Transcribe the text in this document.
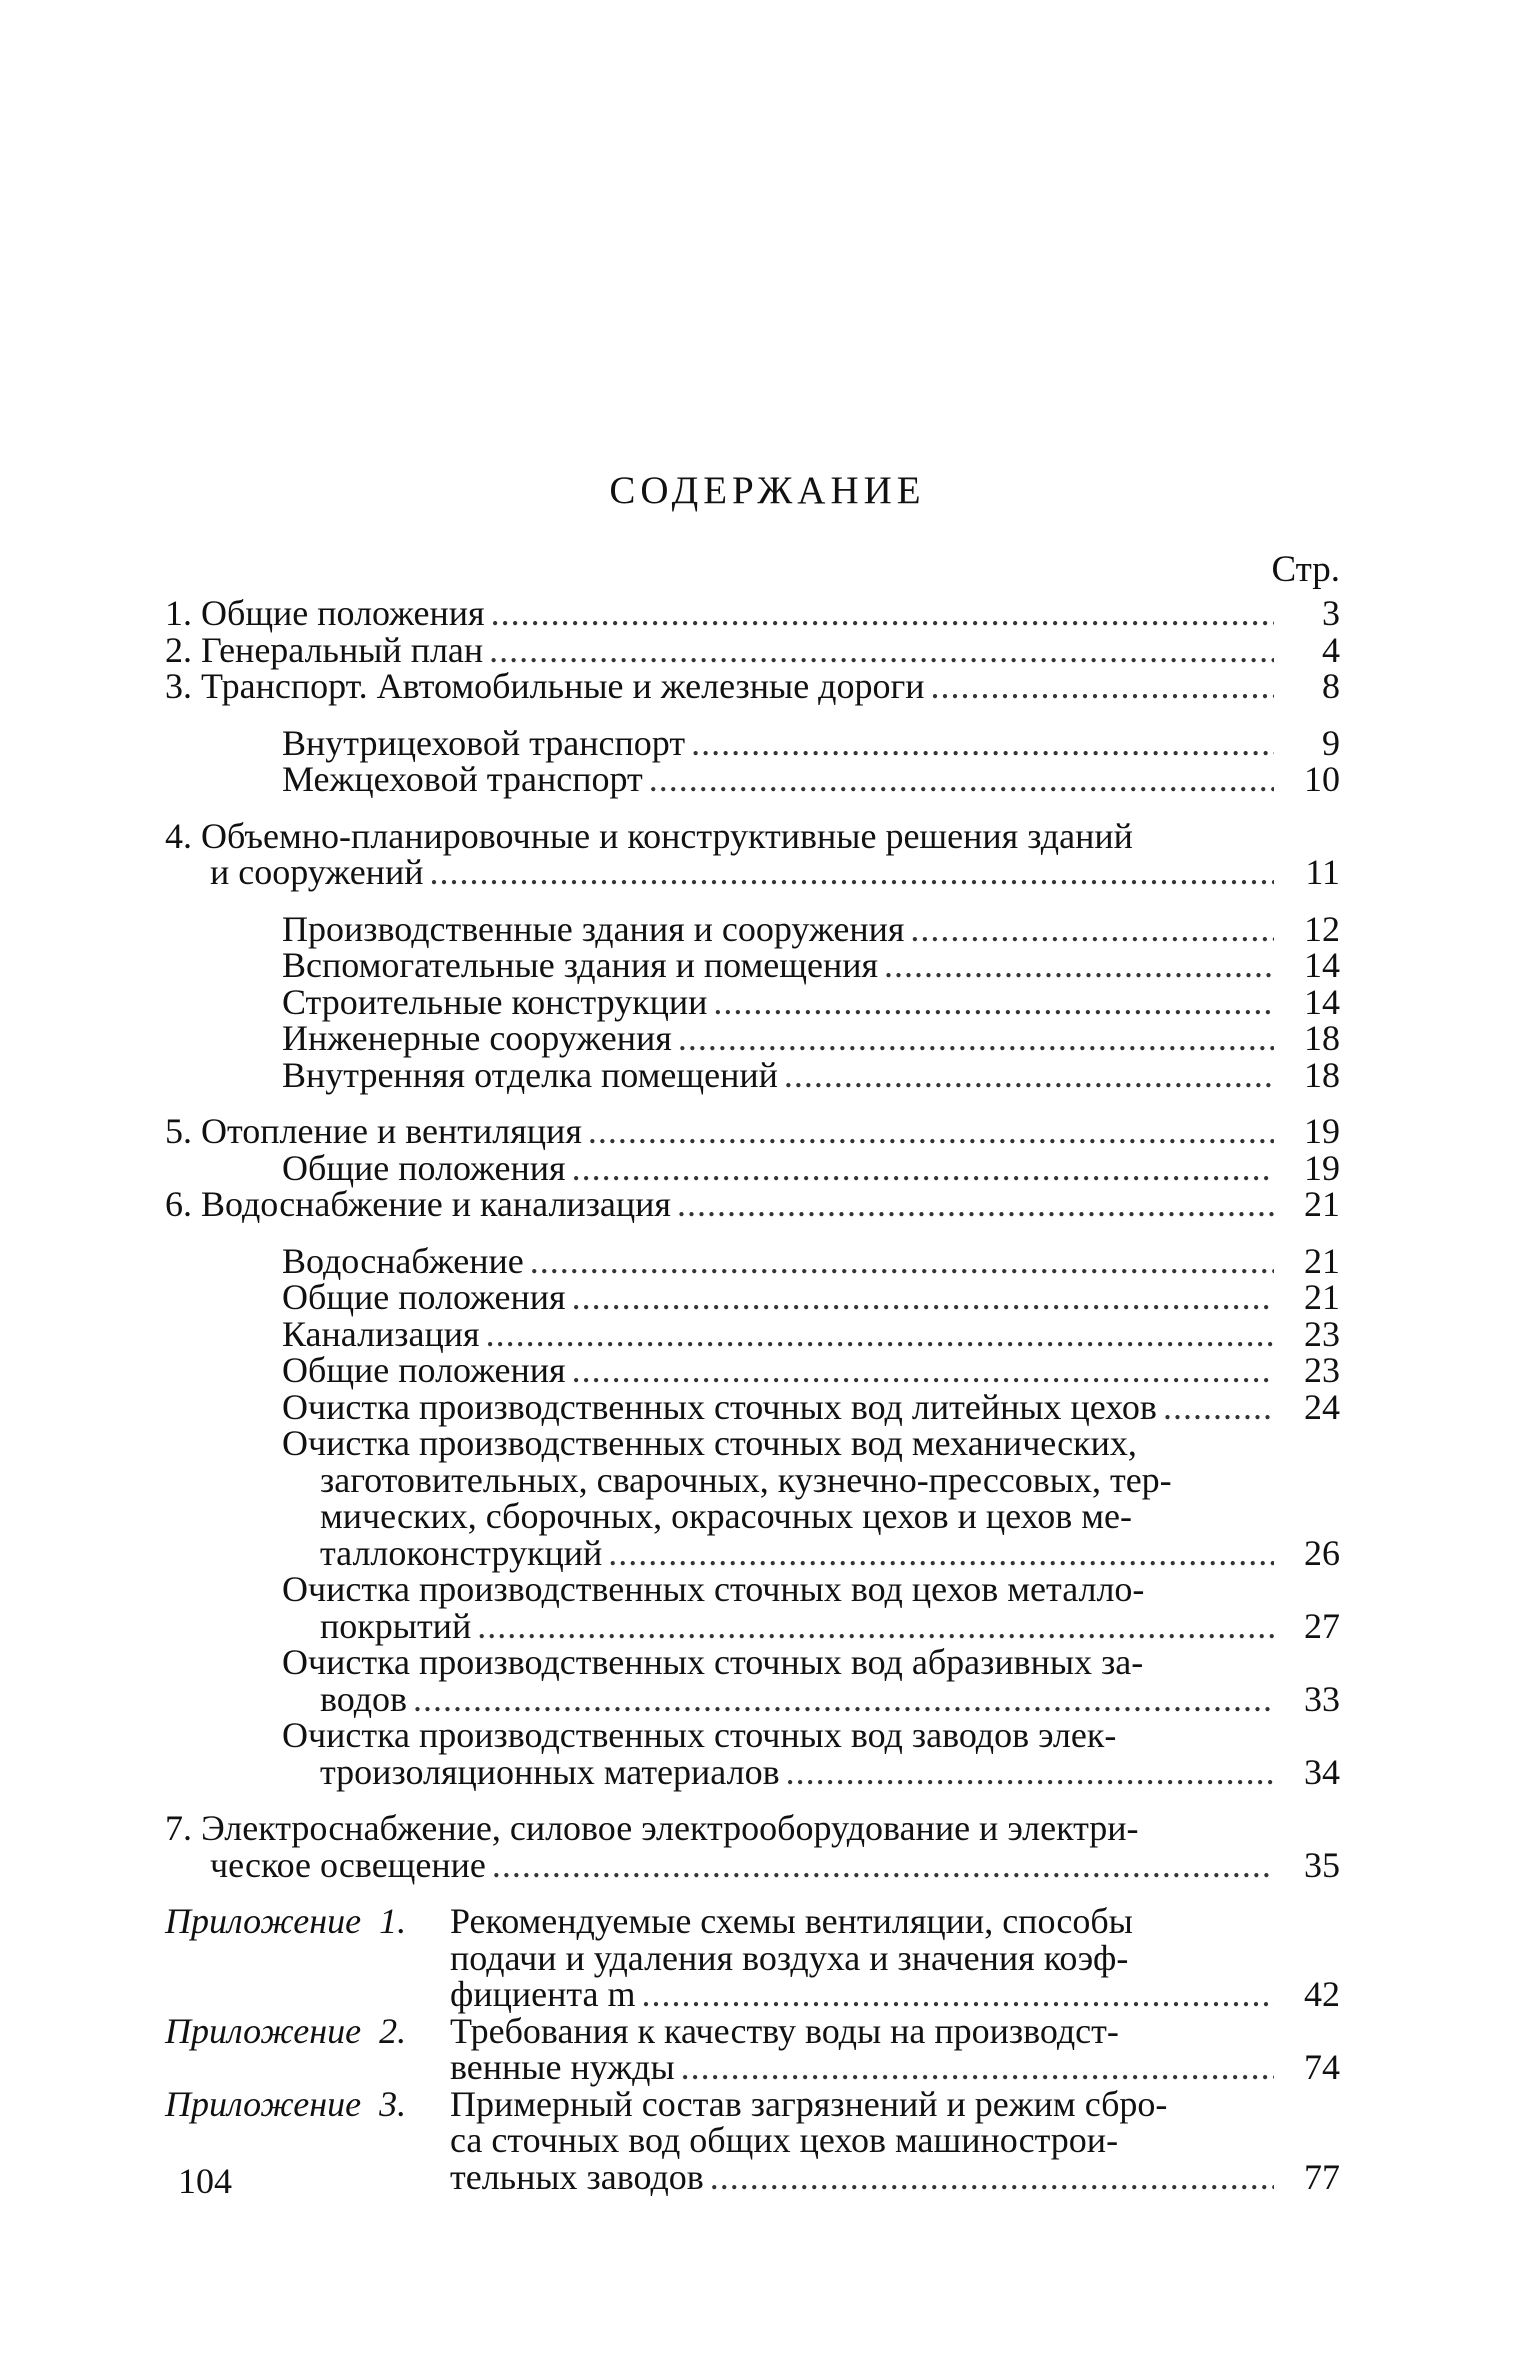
СОДЕРЖАНИЕ
Стр.
1. Общие положения . . .	3
2. Генеральный план . . .	4
3. Транспорт. Автомобильные и железные дороги . . .	8
Внутрицеховой транспорт . . .	9
Межцеховой транспорт . . .	10
4. Объемно-планировочные и конструктивные решения зданий
и сооружений . . .	11
Производственные здания и сооружения . . .	12
Вспомогательные здания и помещения . . .	14
Строительные конструкции . . .	14
Инженерные сооружения . . .	18
Внутренняя отделка помещений . . .	18
5. Отопление и вентиляция . . .	19
Общие положения . . .	19
6. Водоснабжение и канализация . . .	21
Водоснабжение . . .	21
Общие положения . . .	21
Канализация . . .	23
Общие положения . . .	23
Очистка производственных сточных вод литейных цехов . . .	24
Очистка производственных сточных вод механических,
заготовительных, сварочных, кузнечно-прессовых, тер-
мических, сборочных, окрасочных цехов и цехов ме-
таллоконструкций . . .	26
Очистка производственных сточных вод цехов металло-
покрытий . . .	27
Очистка производственных сточных вод абразивных за-
водов . . .	33
Очистка производственных сточных вод заводов элек-
троизоляционных материалов . . .	34
7. Электроснабжение, силовое электрооборудование и электри-
ческое освещение . . .	35
Приложение 1.	Рекомендуемые схемы вентиляции, способы
подачи и удаления воздуха и значения коэф-
фициента m . . .	42
Приложение 2.	Требования к качеству воды на производст-
венные нужды . . .	74
Приложение 3.	Примерный состав загрязнений и режим сбро-
са сточных вод общих цехов машинострои-
тельных заводов . . .	77
104
